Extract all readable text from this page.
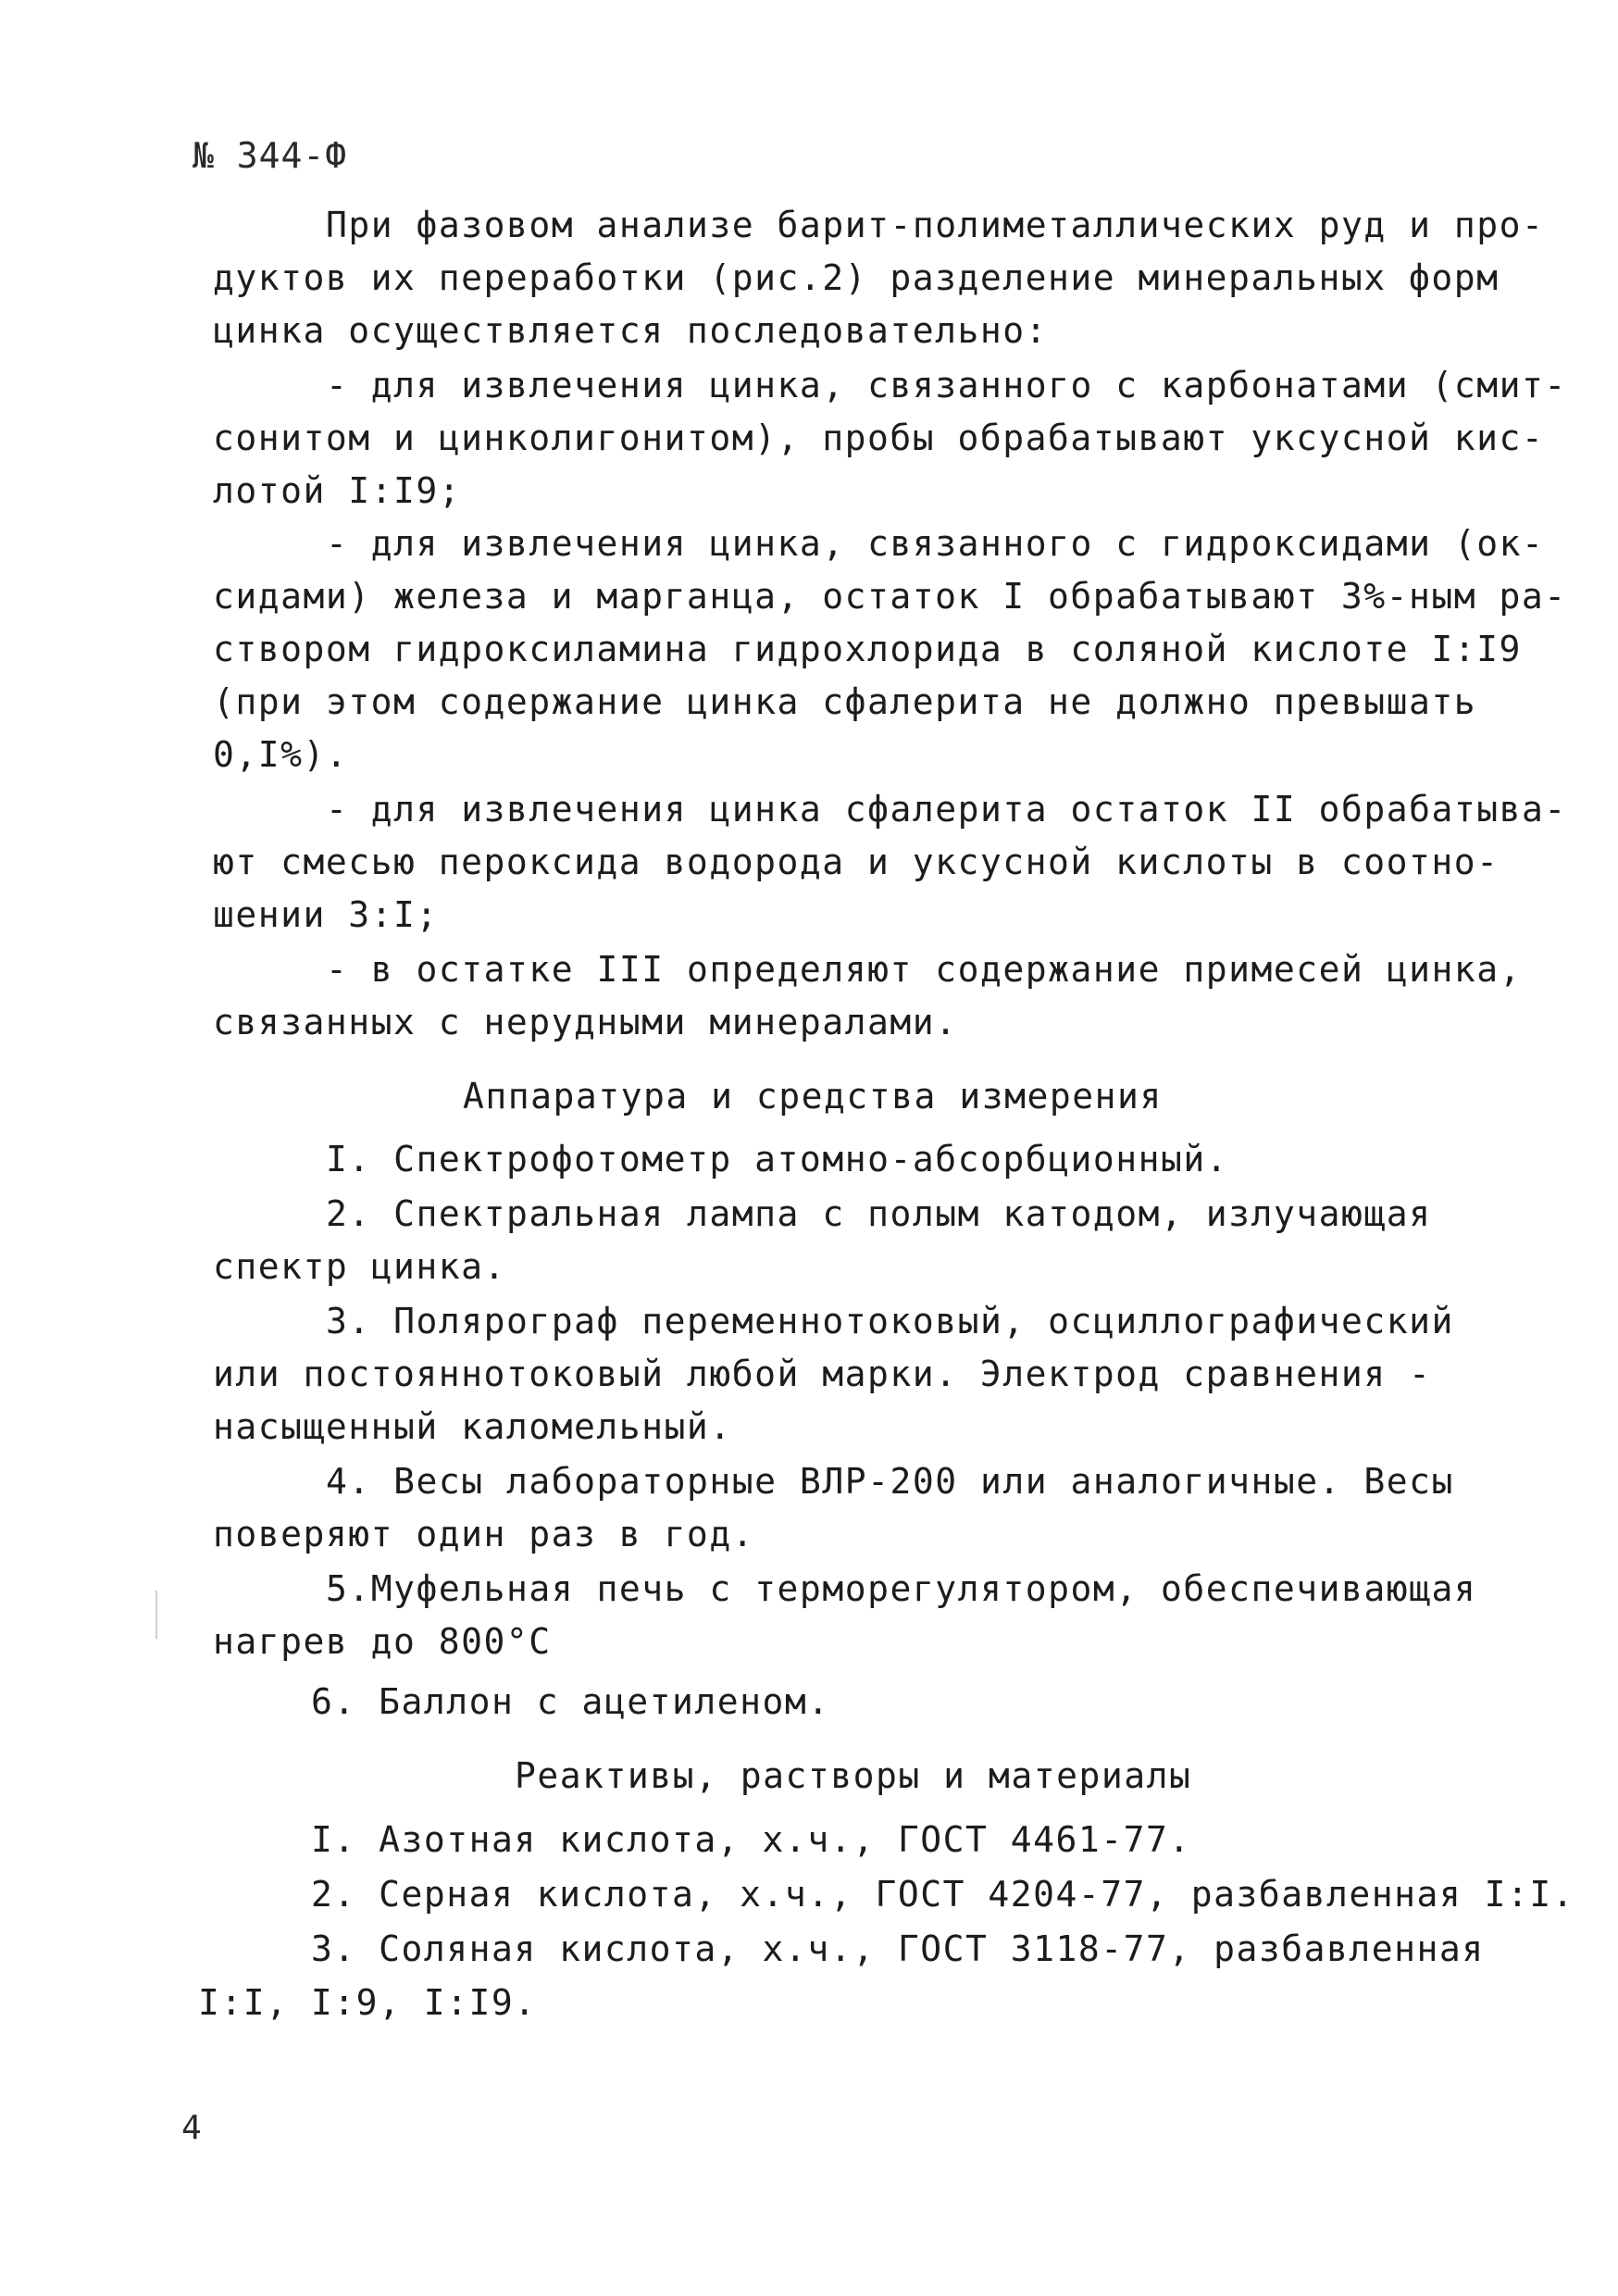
№ 344-Ф
При фазовом анализе барит-полиметаллических руд и про-
дуктов их переработки (рис.2) разделение минеральных форм
цинка осуществляется последовательно:
- для извлечения цинка, связанного с карбонатами (смит-
сонитом и цинколигонитом), пробы обрабатывают уксусной кис-
лотой I:I9;
- для извлечения цинка, связанного с гидроксидами (ок-
сидами) железа и марганца, остаток I обрабатывают 3%-ным ра-
створом гидроксиламина гидрохлорида в соляной кислоте I:I9
(при этом содержание цинка сфалерита не должно превышать
0,I%).
- для извлечения цинка сфалерита остаток II обрабатыва-
ют смесью пероксида водорода и уксусной кислоты в соотно-
шении 3:I;
- в остатке III определяют содержание примесей цинка,
связанных с нерудными минералами.
Аппаратура и средства измерения
I. Спектрофотометр атомно-абсорбционный.
2. Спектральная лампа с полым катодом, излучающая
спектр цинка.
3. Полярограф переменнотоковый, осциллографический
или постояннотоковый любой марки. Электрод сравнения -
насыщенный каломельный.
4. Весы лабораторные ВЛР-200 или аналогичные. Весы
поверяют один раз в год.
5.Муфельная печь с терморегулятором, обеспечивающая
нагрев до 800°С
6. Баллон с ацетиленом.
Реактивы, растворы и материалы
I. Азотная кислота, х.ч., ГОСТ 4461-77.
2. Серная кислота, х.ч., ГОСТ 4204-77, разбавленная I:I.
3. Соляная кислота, х.ч., ГОСТ 3118-77, разбавленная
I:I, I:9, I:I9.
4
